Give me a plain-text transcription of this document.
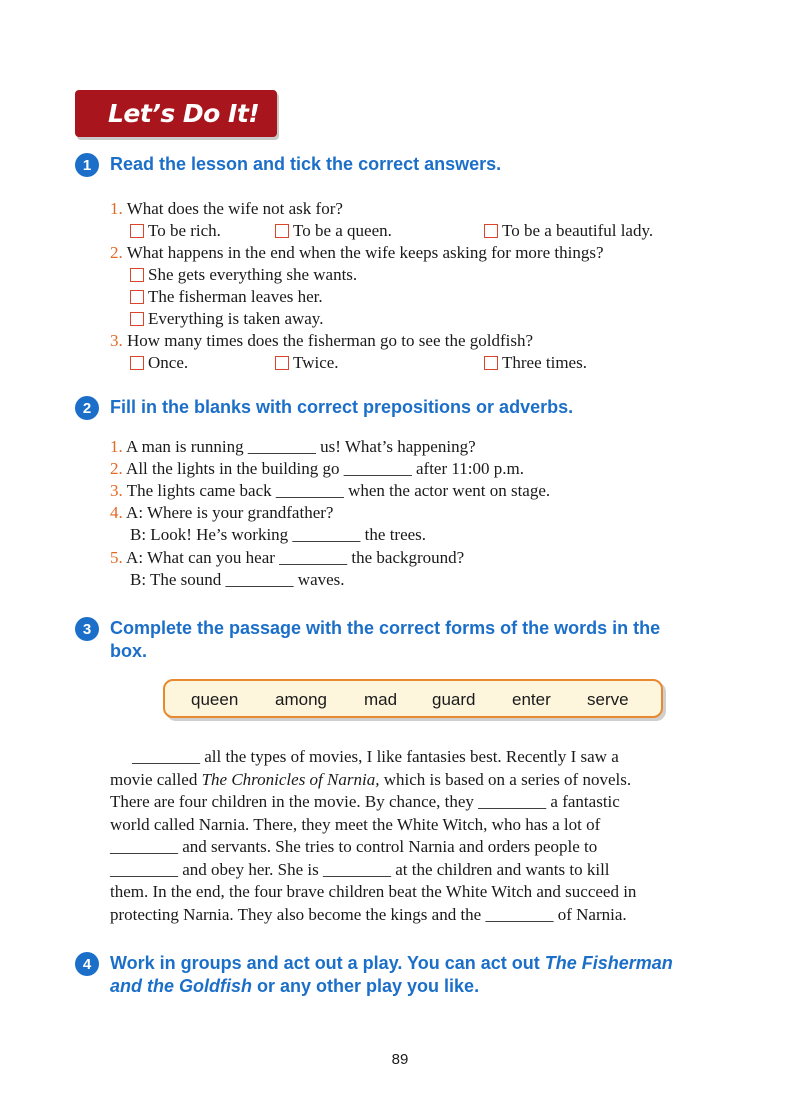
Let’s Do It!
1	Read the lesson and tick the correct answers.
1. What does the wife not ask for?
To be rich.	To be a queen.	To be a beautiful lady.
2. What happens in the end when the wife keeps asking for more things?
She gets everything she wants.
The fisherman leaves her.
Everything is taken away.
3. How many times does the fisherman go to see the goldfish?
Once.	Twice.	Three times.
2	Fill in the blanks with correct prepositions or adverbs.
1. A man is running ________ us! What’s happening?
2. All the lights in the building go ________ after 11:00 p.m.
3. The lights came back ________ when the actor went on stage.
4. A: Where is your grandfather?
B: Look! He’s working ________ the trees.
5. A: What can you hear ________ the background?
B: The sound ________ waves.
3	Complete the passage with the correct forms of the words in the
box.
queen among mad guard enter serve
________ all the types of movies, I like fantasies best. Recently I saw a
movie called The Chronicles of Narnia, which is based on a series of novels.
There are four children in the movie. By chance, they ________ a fantastic
world called Narnia. There, they meet the White Witch, who has a lot of
________ and servants. She tries to control Narnia and orders people to
________ and obey her. She is ________ at the children and wants to kill
them. In the end, the four brave children beat the White Witch and succeed in
protecting Narnia. They also become the kings and the ________ of Narnia.
4	Work in groups and act out a play. You can act out The Fisherman
and the Goldfish or any other play you like.
89
